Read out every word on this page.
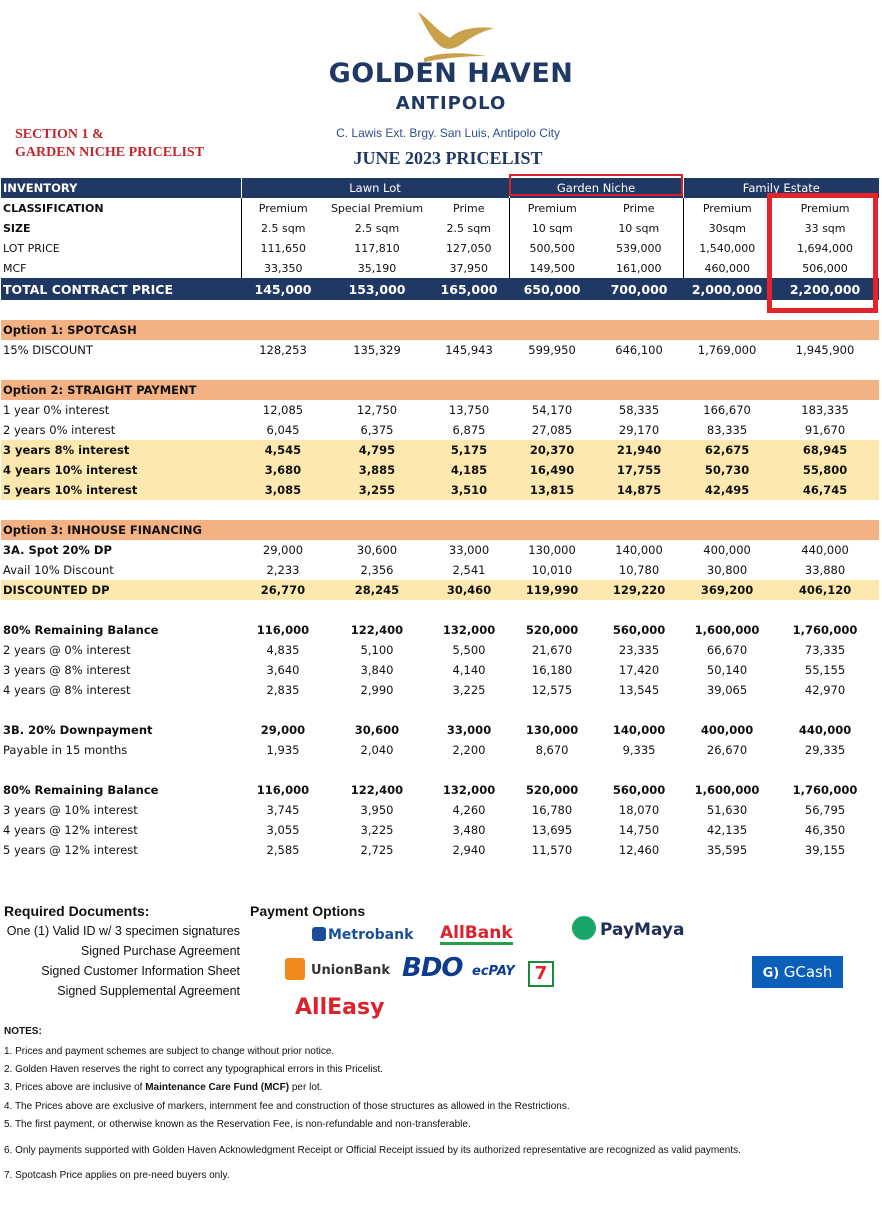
GOLDEN HAVEN
ANTIPOLO
C. Lawis Ext. Brgy. San Luis, Antipolo City
JUNE 2023 PRICELIST
SECTION 1 &
GARDEN NICHE PRICELIST
INVENTORY	Lawn Lot			Garden Niche		Family Estate	
CLASSIFICATION	Premium	Special Premium	Prime	Premium	Prime	Premium	Premium
SIZE	2.5 sqm	2.5 sqm	2.5 sqm	10 sqm	10 sqm	30sqm	33 sqm
LOT PRICE	111,650	117,810	127,050	500,500	539,000	1,540,000	1,694,000
MCF	33,350	35,190	37,950	149,500	161,000	460,000	506,000
TOTAL CONTRACT PRICE	145,000	153,000	165,000	650,000	700,000	2,000,000	2,200,000

Option 1: SPOTCASH							
15% DISCOUNT	128,253	135,329	145,943	599,950	646,100	1,769,000	1,945,900

Option 2: STRAIGHT PAYMENT							
1 year 0% interest	12,085	12,750	13,750	54,170	58,335	166,670	183,335
2 years 0% interest	6,045	6,375	6,875	27,085	29,170	83,335	91,670
3 years 8% interest	4,545	4,795	5,175	20,370	21,940	62,675	68,945
4 years 10% interest	3,680	3,885	4,185	16,490	17,755	50,730	55,800
5 years 10% interest	3,085	3,255	3,510	13,815	14,875	42,495	46,745

Option 3: INHOUSE FINANCING							
3A. Spot 20% DP	29,000	30,600	33,000	130,000	140,000	400,000	440,000
Avail 10% Discount	2,233	2,356	2,541	10,010	10,780	30,800	33,880
DISCOUNTED DP	26,770	28,245	30,460	119,990	129,220	369,200	406,120

80% Remaining Balance	116,000	122,400	132,000	520,000	560,000	1,600,000	1,760,000
2 years @ 0% interest	4,835	5,100	5,500	21,670	23,335	66,670	73,335
3 years @ 8% interest	3,640	3,840	4,140	16,180	17,420	50,140	55,155
4 years @ 8% interest	2,835	2,990	3,225	12,575	13,545	39,065	42,970

3B. 20% Downpayment	29,000	30,600	33,000	130,000	140,000	400,000	440,000
Payable in 15 months	1,935	2,040	2,200	8,670	9,335	26,670	29,335

80% Remaining Balance	116,000	122,400	132,000	520,000	560,000	1,600,000	1,760,000
3 years @ 10% interest	3,745	3,950	4,260	16,780	18,070	51,630	56,795
4 years @ 12% interest	3,055	3,225	3,480	13,695	14,750	42,135	46,350
5 years @ 12% interest	2,585	2,725	2,940	11,570	12,460	35,595	39,155
Required Documents:
One (1) Valid ID w/ 3 specimen signatures
Signed Purchase Agreement
Signed Customer Information Sheet
Signed Supplemental Agreement
Payment Options
Metrobank AllBank	PayMaya
UnionBank BDO ecPAY	7	G) GCash
AllEasy
NOTES:
1. Prices and payment schemes are subject to change without prior notice.
2. Golden Haven reserves the right to correct any typographical errors in this Pricelist.
3. Prices above are inclusive of Maintenance Care Fund (MCF) per lot.
4. The Prices above are exclusive of markers, internment fee and construction of those structures as allowed in the Restrictions.
5. The first payment, or otherwise known as the Reservation Fee, is non-refundable and non-transferable.
6. Only payments supported with Golden Haven Acknowledgment Receipt or Official Receipt issued by its authorized representative are recognized as valid payments.
7. Spotcash Price applies on pre-need buyers only.
